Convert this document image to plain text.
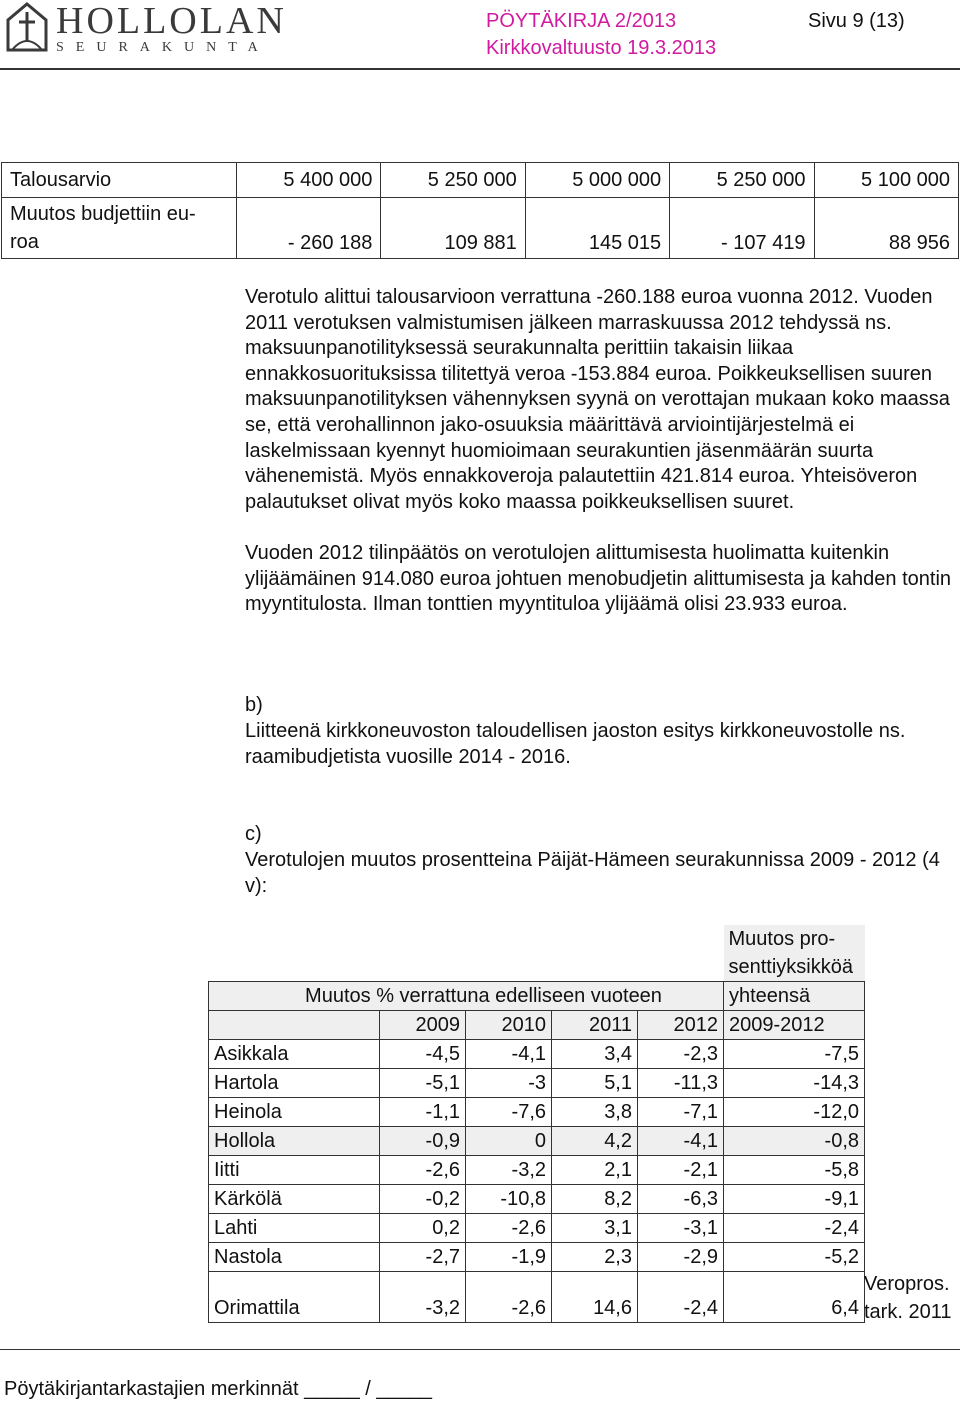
HOLLOLAN
SEURAKUNTA
PÖYTÄKIRJA 2/2013	Sivu 9 (13)
Kirkkovaltuusto 19.3.2013
Talousarvio	5 400 000	5 250 000	5 000 000	5 250 000	5 100 000

Muutos budjettiin eu-
roa	- 260 188	109 881	145 015	- 107 419	88 956
Verotulo alittui talousarvioon verrattuna -260.188 euroa vuonna 2012. Vuoden 2011 verotuksen valmistumisen jälkeen marraskuussa 2012 tehdyssä ns. maksuunpanotilityksessä seurakunnalta perittiin takaisin liikaa ennakkosuorituksissa tilitettyä veroa -153.884 euroa. Poikkeuksellisen suuren maksuunpanotilityksen vähennyksen syynä on verottajan mukaan koko maassa se, että verohallinnon jako-osuuksia määrittävä arviointijärjestelmä ei laskelmissaan kyennyt huomioimaan seurakuntien jäsenmäärän suurta vähenemistä. Myös ennakkoveroja palautettiin 421.814 euroa. Yhteisöveron palautukset olivat myös koko maassa poikkeuksellisen suuret.
Vuoden 2012 tilinpäätös on verotulojen alittumisesta huolimatta kuitenkin ylijäämäinen 914.080 euroa johtuen menobudjetin alittumisesta ja kahden tontin myyntitulosta. Ilman tonttien myyntituloa ylijäämä olisi 23.933 euroa.
b)
Liitteenä kirkkoneuvoston taloudellisen jaoston esitys kirkkoneuvostolle ns. raamibudjetista vuosille 2014 - 2016.
c)
Verotulojen muutos prosentteina Päijät-Hämeen seurakunnissa 2009 - 2012 (4 v):
					Muutos pro-
					senttiyksikköä
Muutos % verrattuna edelliseen vuoteen					yhteensä
	2009	2010	2011	2012	2009-2012
Asikkala	-4,5	-4,1	3,4	-2,3	-7,5
Hartola	-5,1	-3	5,1	-11,3	-14,3
Heinola	-1,1	-7,6	3,8	-7,1	-12,0
Hollola	-0,9	0	4,2	-4,1	-0,8
Iitti	-2,6	-3,2	2,1	-2,1	-5,8
Kärkölä	-0,2	-10,8	8,2	-6,3	-9,1
Lahti	0,2	-2,6	3,1	-3,1	-2,4
Nastola	-2,7	-1,9	2,3	-2,9	-5,2
Orimattila	-3,2	-2,6	14,6	-2,4	6,4
Veropros.
tark. 2011
Pöytäkirjantarkastajien merkinnät _____ / _____
